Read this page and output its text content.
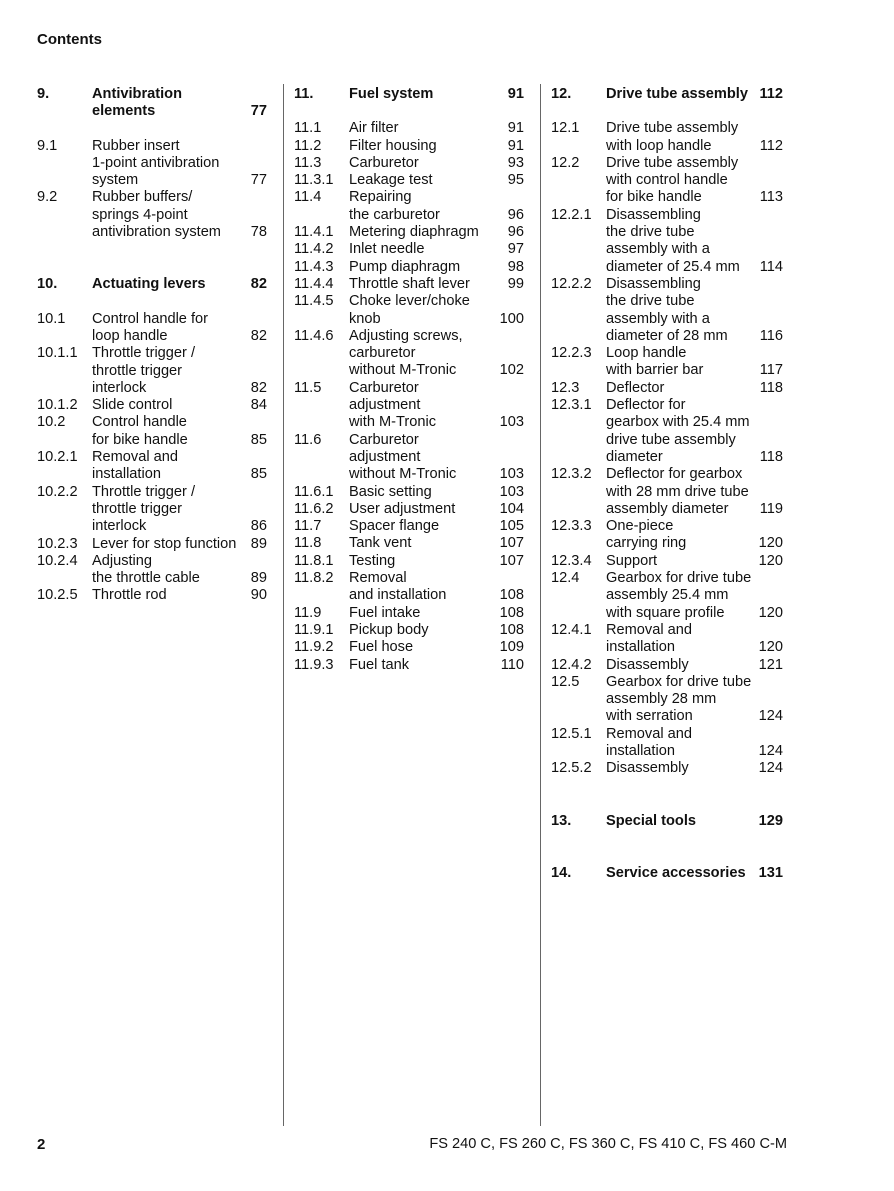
Contents
9.	Antivibration
elements	77
9.1	Rubber insert
1-point antivibration
system	77
9.2	Rubber buffers/
springs 4-point
antivibration system	78
10.	Actuating levers	82
10.1	Control handle for
loop handle	82
10.1.1 Throttle trigger /
throttle trigger
interlock	82
10.1.2 Slide control	84
10.2	Control handle
for bike handle	85
10.2.1 Removal and
installation	85
10.2.2 Throttle trigger /
throttle trigger
interlock	86
10.2.3 Lever for stop function 89
10.2.4 Adjusting
the throttle cable	89
10.2.5 Throttle rod	90
11.	Fuel system	91
11.1	Air filter	91
11.2	Filter housing	91
11.3	Carburetor	93
11.3.1	Leakage test	95
11.4	Repairing
the carburetor	96
11.4.1	Metering diaphragm	96
11.4.2	Inlet needle	97
11.4.3	Pump diaphragm	98
11.4.4	Throttle shaft lever	99
11.4.5	Choke lever/choke
knob	100
11.4.6	Adjusting screws,
carburetor
without M-Tronic	102
11.5	Carburetor
adjustment
with M-Tronic	103
11.6	Carburetor
adjustment
without M-Tronic	103
11.6.1	Basic setting	103
11.6.2	User adjustment	104
11.7	Spacer flange	105
11.8	Tank vent	107
11.8.1	Testing	107
11.8.2	Removal
and installation	108
11.9	Fuel intake	108
11.9.1	Pickup body	108
11.9.2	Fuel hose	109
11.9.3	Fuel tank	110
12.	Drive tube assembly 112
12.1	Drive tube assembly
with loop handle	112
12.2	Drive tube assembly
with control handle
for bike handle	113
12.2.1 Disassembling
the drive tube
assembly with a
diameter of 25.4 mm	114
12.2.2 Disassembling
the drive tube
assembly with a
diameter of 28 mm	116
12.2.3 Loop handle
with barrier bar	117
12.3	Deflector	118
12.3.1 Deflector for
gearbox with 25.4 mm
drive tube assembly
diameter	118
12.3.2 Deflector for gearbox
with 28 mm drive tube
assembly diameter	119
12.3.3 One-piece
carrying ring	120
12.3.4 Support	120
12.4	Gearbox for drive tube
assembly 25.4 mm
with square profile	120
12.4.1 Removal and
installation	120
12.4.2 Disassembly	121
12.5	Gearbox for drive tube
assembly 28 mm
with serration	124
12.5.1 Removal and
installation	124
12.5.2 Disassembly	124
13.	Special tools	129
14.	Service accessories 131
2	FS 240 C, FS 260 C, FS 360 C, FS 410 C, FS 460 C-M
